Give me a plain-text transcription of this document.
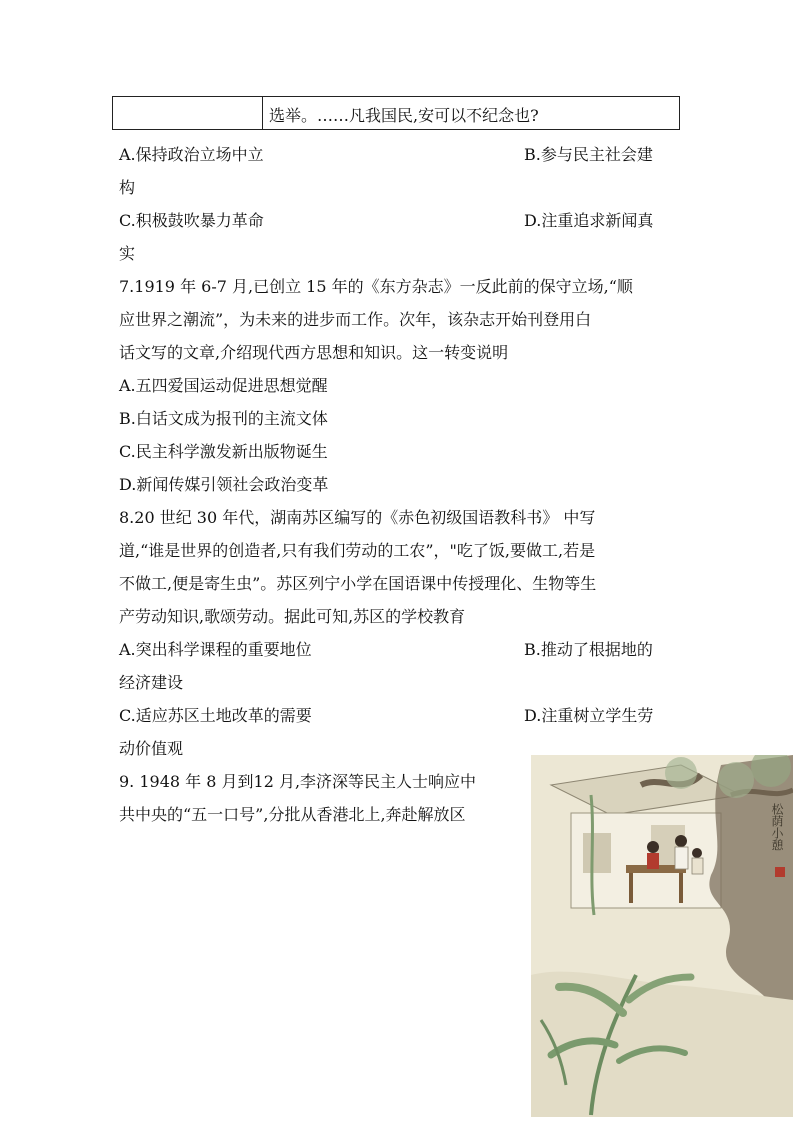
选举。……凡我国民,安可以不纪念也?
A.保持政治立场中立	B.参与民主社会建
构
C.积极鼓吹暴力革命	D.注重追求新闻真
实
7.1919 年 6-7 月,已创立 15 年的《东方杂志》一反此前的保守立场,“顺
应世界之潮流”，为未来的进步而工作。次年，该杂志开始刊登用白
话文写的文章,介绍现代西方思想和知识。这一转变说明
A.五四爱国运动促进思想觉醒
B.白话文成为报刊的主流文体
C.民主科学激发新出版物诞生
D.新闻传媒引领社会政治变革
8.20 世纪 30 年代，湖南苏区编写的《赤色初级国语教科书》 中写
道,“谁是世界的创造者,只有我们劳动的工农”，"吃了饭,要做工,若是
不做工,便是寄生虫”。苏区列宁小学在国语课中传授理化、生物等生
产劳动知识,歌颂劳动。据此可知,苏区的学校教育
A.突出科学课程的重要地位	B.推动了根据地的
经济建设
C.适应苏区土地改革的需要	D.注重树立学生劳
动价值观
9. 1948 年 8 月到12 月,李济深等民主人士响应中
共中央的“五一口号”,分批从香港北上,奔赴解放区	松荫小憩
